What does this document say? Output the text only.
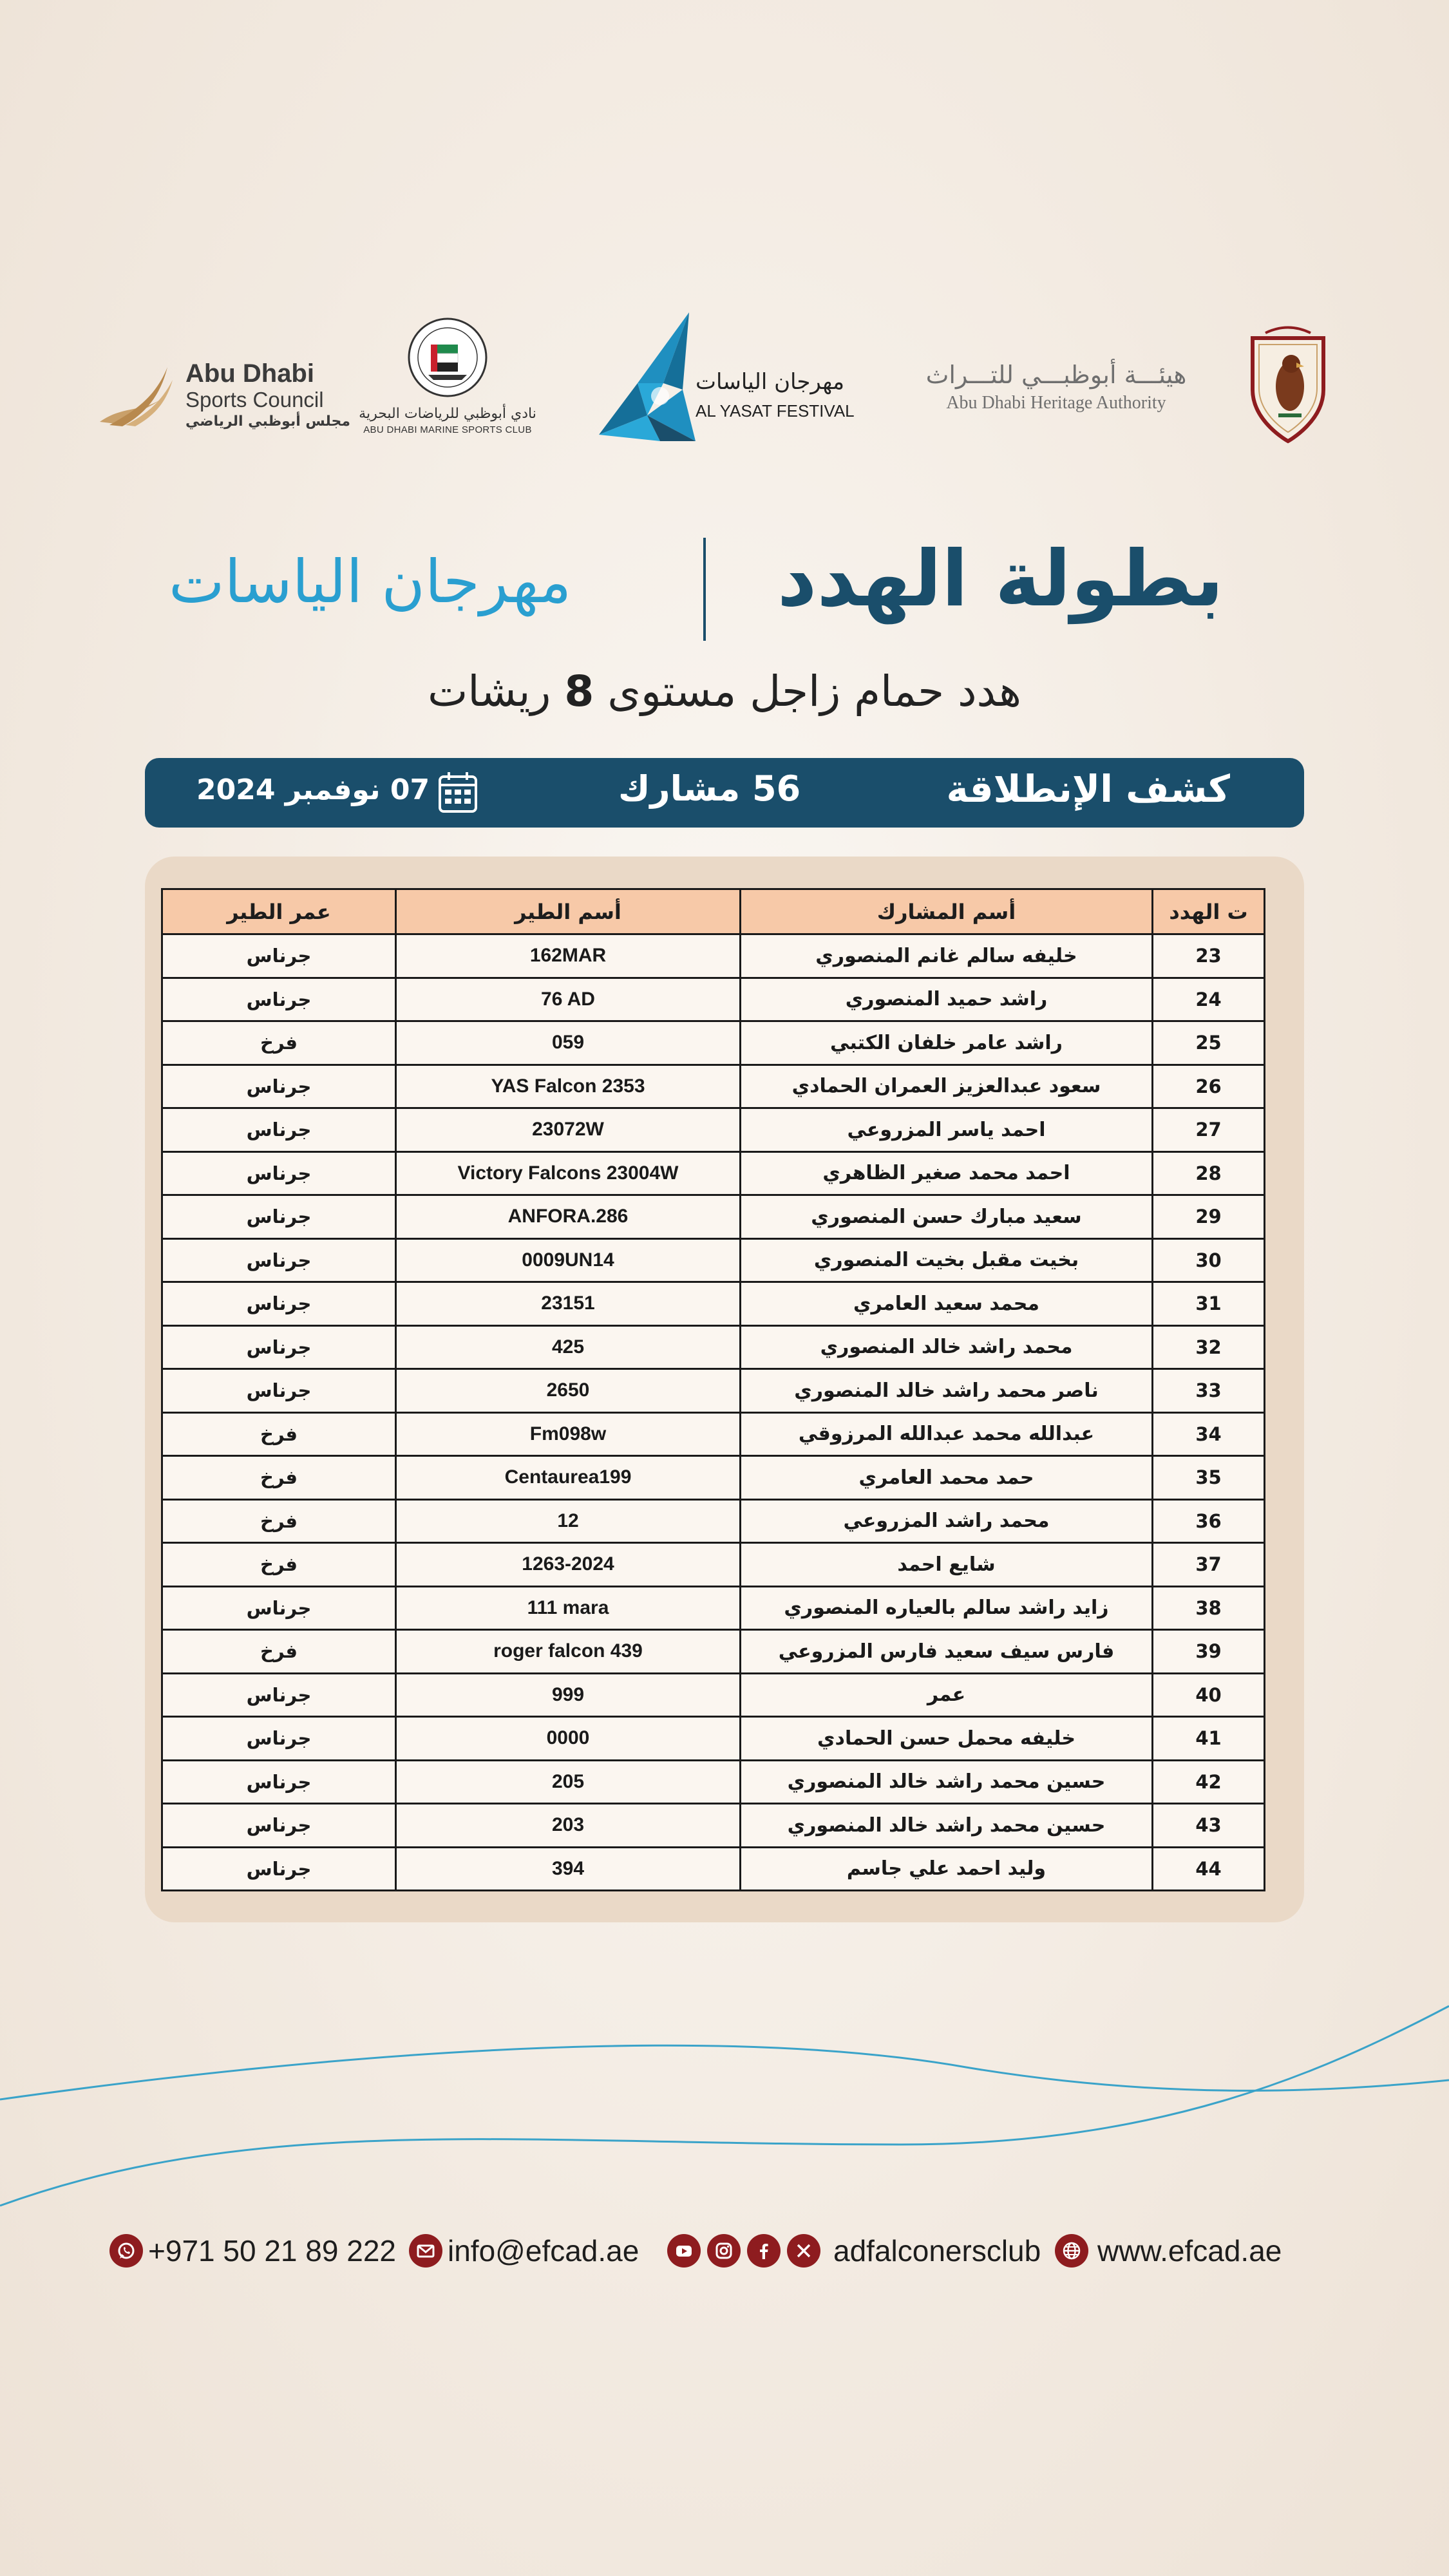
Abu Dhabi
Sports Council
مجلس أبوظبي الرياضي نادي أبوظبي للرياضات البحرية
ABU DHABI MARINE SPORTS CLUB
مهرجان الياسات
AL YASAT FESTIVAL
هيئـــة أبوظبـــي للتـــراث
Abu Dhabi Heritage Authority
بطولة الهدد
مهرجان الياسات
هدد حمام زاجل مستوى 8 ريشات
كشف الإنطلاقة
56 مشارك
07 نوفمبر 2024
ت الهدد	أسم المشارك	أسم الطير	عمر الطير
23	خليفه سالم غانم المنصوري	162MAR	جرناس
24	راشد حميد المنصوري	76 AD	جرناس
25	راشد عامر خلفان الكتبي	059	فرخ
26	سعود عبدالعزيز العمران الحمادي	YAS Falcon 2353	جرناس
27	احمد ياسر المزروعي	23072W	جرناس
28	احمد محمد صغير الظاهري	Victory Falcons 23004W	جرناس
29	سعيد مبارك حسن المنصوري	ANFORA.286	جرناس
30	بخيت مقبل بخيت المنصوري	0009UN14	جرناس
31	محمد سعيد العامري	23151	جرناس
32	محمد راشد خالد المنصوري	425	جرناس
33	ناصر محمد راشد خالد المنصوري	2650	جرناس
34	عبدالله محمد عبدالله المرزوقي	Fm098w	فرخ
35	حمد محمد العامري	Centaurea199	فرخ
36	محمد راشد المزروعي	12	فرخ
37	شايع احمد	1263-2024	فرخ
38	زايد راشد سالم بالعياره المنصوري	111 mara	جرناس
39	فارس سيف سعيد فارس المزروعي	roger falcon 439	فرخ
40	عمر	999	جرناس
41	خليفه محمل حسن الحمادي	0000	جرناس
42	حسين محمد راشد خالد المنصوري	205	جرناس
43	حسين محمد راشد خالد المنصوري	203	جرناس
44	وليد احمد علي جاسم	394	جرناس
+971 50 21 89 222 info@efcad.ae	adfalconersclub www.efcad.ae
